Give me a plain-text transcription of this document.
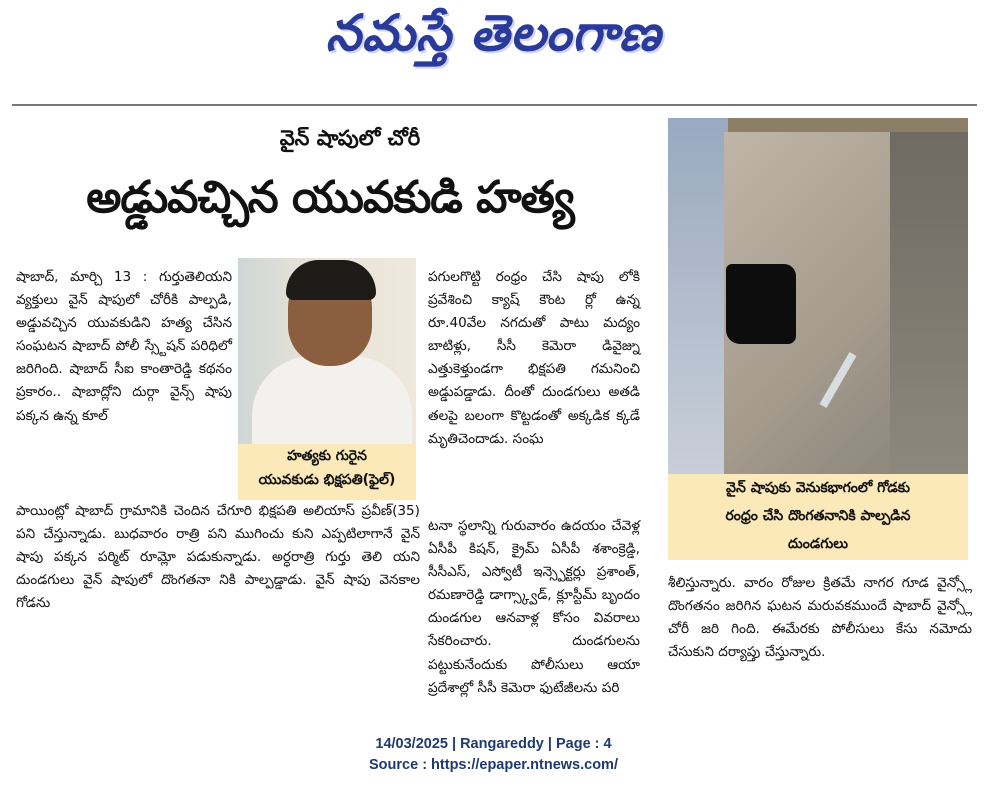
నమస్తే తెలంగాణ
వైన్ షాపులో చోరీ
అడ్డువచ్చిన యువకుడి హత్య

షాబాద్, మార్చి 13 : గుర్తుతెలియని వ్యక్తులు వైన్ షాపులో చోరీకి పాల్పడి, అడ్డువచ్చిన యువకుడిని హత్య చేసిన సంఘటన షాబాద్ పోలీ స్స్టేషన్ పరిధిలో జరిగింది. షాబాద్ సీఐ కాంతారెడ్డి కథనం ప్రకారం.. షాబాద్లోని దుర్గా వైన్స్ షాపు పక్కన ఉన్న కూల్

హత్యకు గురైన
యువకుడు భిక్షపతి(ఫైల్)

పాయింట్లో షాబాద్ గ్రామానికి చెందిన చేగూరి భిక్షపతి అలియాస్ ప్రవీణ్(35) పని చేస్తున్నాడు. బుధవారం రాత్రి పని ముగించు కుని ఎప్పటిలాగానే వైన్ షాపు పక్కన పర్మిట్ రూమ్లో పడుకున్నాడు. అర్ధరాత్రి గుర్తు తెలి యని దుండగులు వైన్ షాపులో దొంగతనా నికి పాల్పడ్డాడు. వైన్ షాపు వెనకాల గోడను

పగులగొట్టి రంధ్రం చేసి షాపు లోకి ప్రవేశించి క్యాష్ కౌంట ర్లో ఉన్న రూ.40వేల నగదుతో పాటు మద్యం బాటిళ్లు, సీసీ కెమెరా డివైజ్ను ఎత్తుకెళ్తుండగా భిక్షపతి గమనించి అడ్డుపడ్డాడు. దీంతో దుండగులు అతడి తలపై బలంగా కొట్టడంతో అక్కడిక క్కడే మృతిచెందాడు. సంఘ

టనా స్థలాన్ని గురువారం ఉదయం చేవెళ్ల ఏసీపీ కిషన్, క్రైమ్ ఏసీపీ శశాంక్రెడ్డి, సీసీఎస్, ఎస్వోటీ ఇన్స్పెక్టర్లు ప్రశాంత్, రమణారెడ్డి డాగ్స్క్వాడ్, క్లూస్టీమ్ బృందం దుండగుల ఆనవాళ్ల కోసం వివరాలు సేకరించారు. దుండగులను పట్టుకునేందుకు పోలీసులు ఆయా ప్రదేశాల్లో సీసీ కెమెరా ఫుటేజీలను పరి

వైన్ షాపుకు వెనుకభాగంలో గోడకు
రంధ్రం చేసి దొంగతనానికి పాల్పడిన
దుండగులు

శీలిస్తున్నారు. వారం రోజుల క్రితమే నాగర గూడ వైన్స్లో దొంగతనం జరిగిన ఘటన మరువకముందే షాబాద్ వైన్స్లో చోరీ జరి గింది. ఈమేరకు పోలీసులు కేసు నమోదు చేసుకుని దర్యాప్తు చేస్తున్నారు.

14/03/2025 | Rangareddy | Page : 4
Source : https://epaper.ntnews.com/
